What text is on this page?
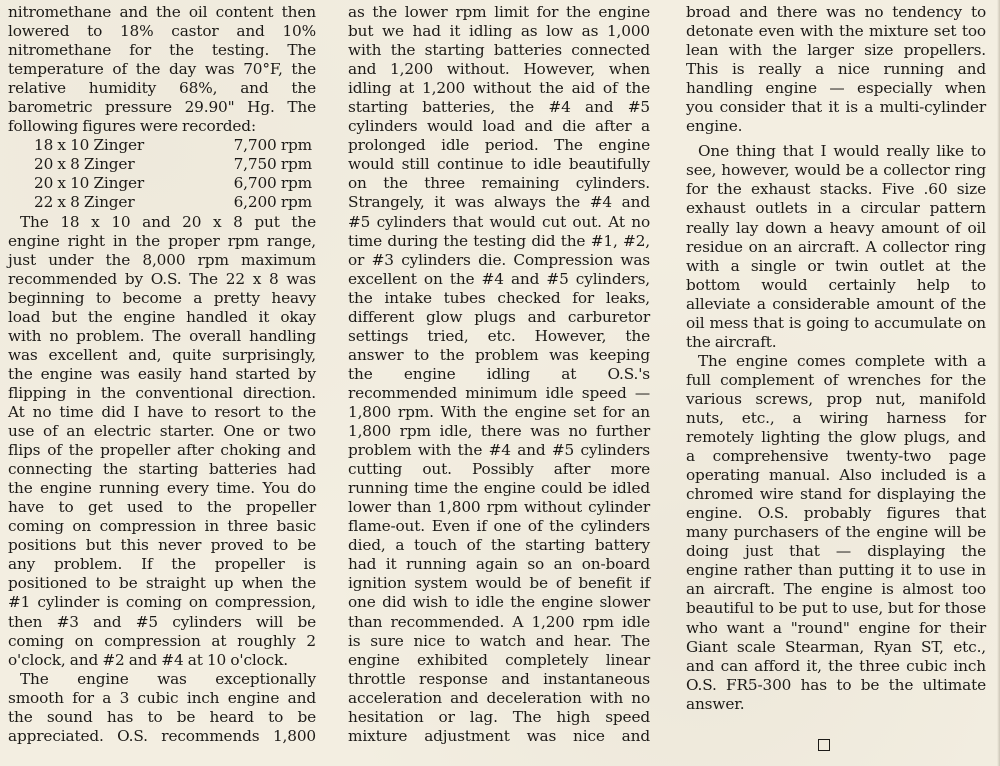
nitromethane and the oil content then
lowered to 18% castor and 10%
nitromethane for the testing. The
temperature of the day was 70°F, the
relative humidity 68%, and the
barometric pressure 29.90" Hg. The
following figures were recorded:
18 x 10 Zinger	7,700 rpm
20 x 8 Zinger	7,750 rpm
20 x 10 Zinger	6,700 rpm
22 x 8 Zinger	6,200 rpm
The 18 x 10 and 20 x 8 put the
engine right in the proper rpm range,
just under the 8,000 rpm maximum
recommended by O.S. The 22 x 8 was
beginning to become a pretty heavy
load but the engine handled it okay
with no problem. The overall handling
was excellent and, quite surprisingly,
the engine was easily hand started by
flipping in the conventional direction.
At no time did I have to resort to the
use of an electric starter. One or two
flips of the propeller after choking and
connecting the starting batteries had
the engine running every time. You do
have to get used to the propeller
coming on compression in three basic
positions but this never proved to be
any problem. If the propeller is
positioned to be straight up when the
#1 cylinder is coming on compression,
then #3 and #5 cylinders will be
coming on compression at roughly 2
o'clock, and #2 and #4 at 10 o'clock.
The engine was exceptionally
smooth for a 3 cubic inch engine and
the sound has to be heard to be
appreciated. O.S. recommends 1,800
as the lower rpm limit for the engine
but we had it idling as low as 1,000
with the starting batteries connected
and 1,200 without. However, when
idling at 1,200 without the aid of the
starting batteries, the #4 and #5
cylinders would load and die after a
prolonged idle period. The engine
would still continue to idle beautifully
on the three remaining cylinders.
Strangely, it was always the #4 and
#5 cylinders that would cut out. At no
time during the testing did the #1, #2,
or #3 cylinders die. Compression was
excellent on the #4 and #5 cylinders,
the intake tubes checked for leaks,
different glow plugs and carburetor
settings tried, etc. However, the
answer to the problem was keeping
the engine idling at O.S.'s
recommended minimum idle speed —
1,800 rpm. With the engine set for an
1,800 rpm idle, there was no further
problem with the #4 and #5 cylinders
cutting out. Possibly after more
running time the engine could be idled
lower than 1,800 rpm without cylinder
flame-out. Even if one of the cylinders
died, a touch of the starting battery
had it running again so an on-board
ignition system would be of benefit if
one did wish to idle the engine slower
than recommended. A 1,200 rpm idle
is sure nice to watch and hear. The
engine exhibited completely linear
throttle response and instantaneous
acceleration and deceleration with no
hesitation or lag. The high speed
mixture adjustment was nice and
broad and there was no tendency to
detonate even with the mixture set too
lean with the larger size propellers.
This is really a nice running and
handling engine — especially when
you consider that it is a multi-cylinder
engine.
One thing that I would really like to
see, however, would be a collector ring
for the exhaust stacks. Five .60 size
exhaust outlets in a circular pattern
really lay down a heavy amount of oil
residue on an aircraft. A collector ring
with a single or twin outlet at the
bottom would certainly help to
alleviate a considerable amount of the
oil mess that is going to accumulate on
the aircraft.
The engine comes complete with a
full complement of wrenches for the
various screws, prop nut, manifold
nuts, etc., a wiring harness for
remotely lighting the glow plugs, and
a comprehensive twenty-two page
operating manual. Also included is a
chromed wire stand for displaying the
engine. O.S. probably figures that
many purchasers of the engine will be
doing just that — displaying the
engine rather than putting it to use in
an aircraft. The engine is almost too
beautiful to be put to use, but for those
who want a "round" engine for their
Giant scale Stearman, Ryan ST, etc.,
and can afford it, the three cubic inch
O.S. FR5-300 has to be the ultimate
answer.
